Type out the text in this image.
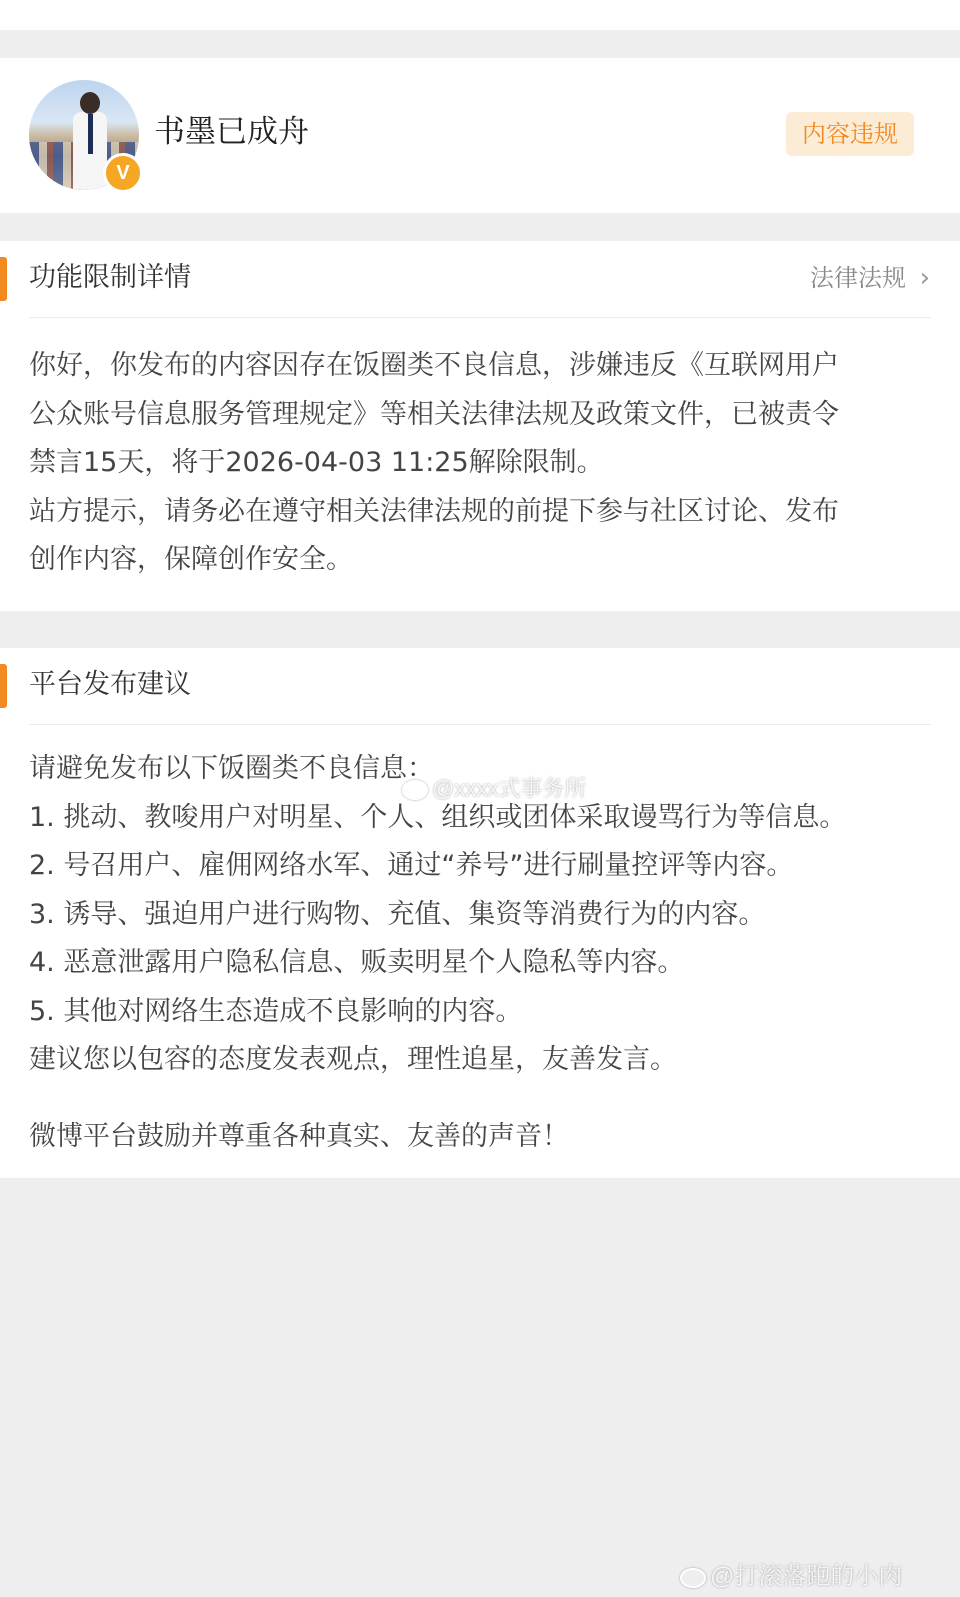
V
书墨已成舟	内容违规
功能限制详情	法律法规 ›

你好，你发布的内容因存在饭圈类不良信息，涉嫌违反《互联网用户

公众账号信息服务管理规定》等相关法律法规及政策文件，已被责令

禁言15天，将于2026-04-03 11:25解除限制。

站方提示，请务必在遵守相关法律法规的前提下参与社区讨论、发布

创作内容，保障创作安全。

平台发布建议

请避免发布以下饭圈类不良信息：

1. 挑动、教唆用户对明星、个人、组织或团体采取谩骂行为等信息。

2. 号召用户、雇佣网络水军、通过“养号”进行刷量控评等内容。

3. 诱导、强迫用户进行购物、充值、集资等消费行为的内容。

4. 恶意泄露用户隐私信息、贩卖明星个人隐私等内容。

5. 其他对网络生态造成不良影响的内容。

建议您以包容的态度发表观点，理性追星，友善发言。

微博平台鼓励并尊重各种真实、友善的声音！

@xxxx式事务所
@打滚落跑的小肉
